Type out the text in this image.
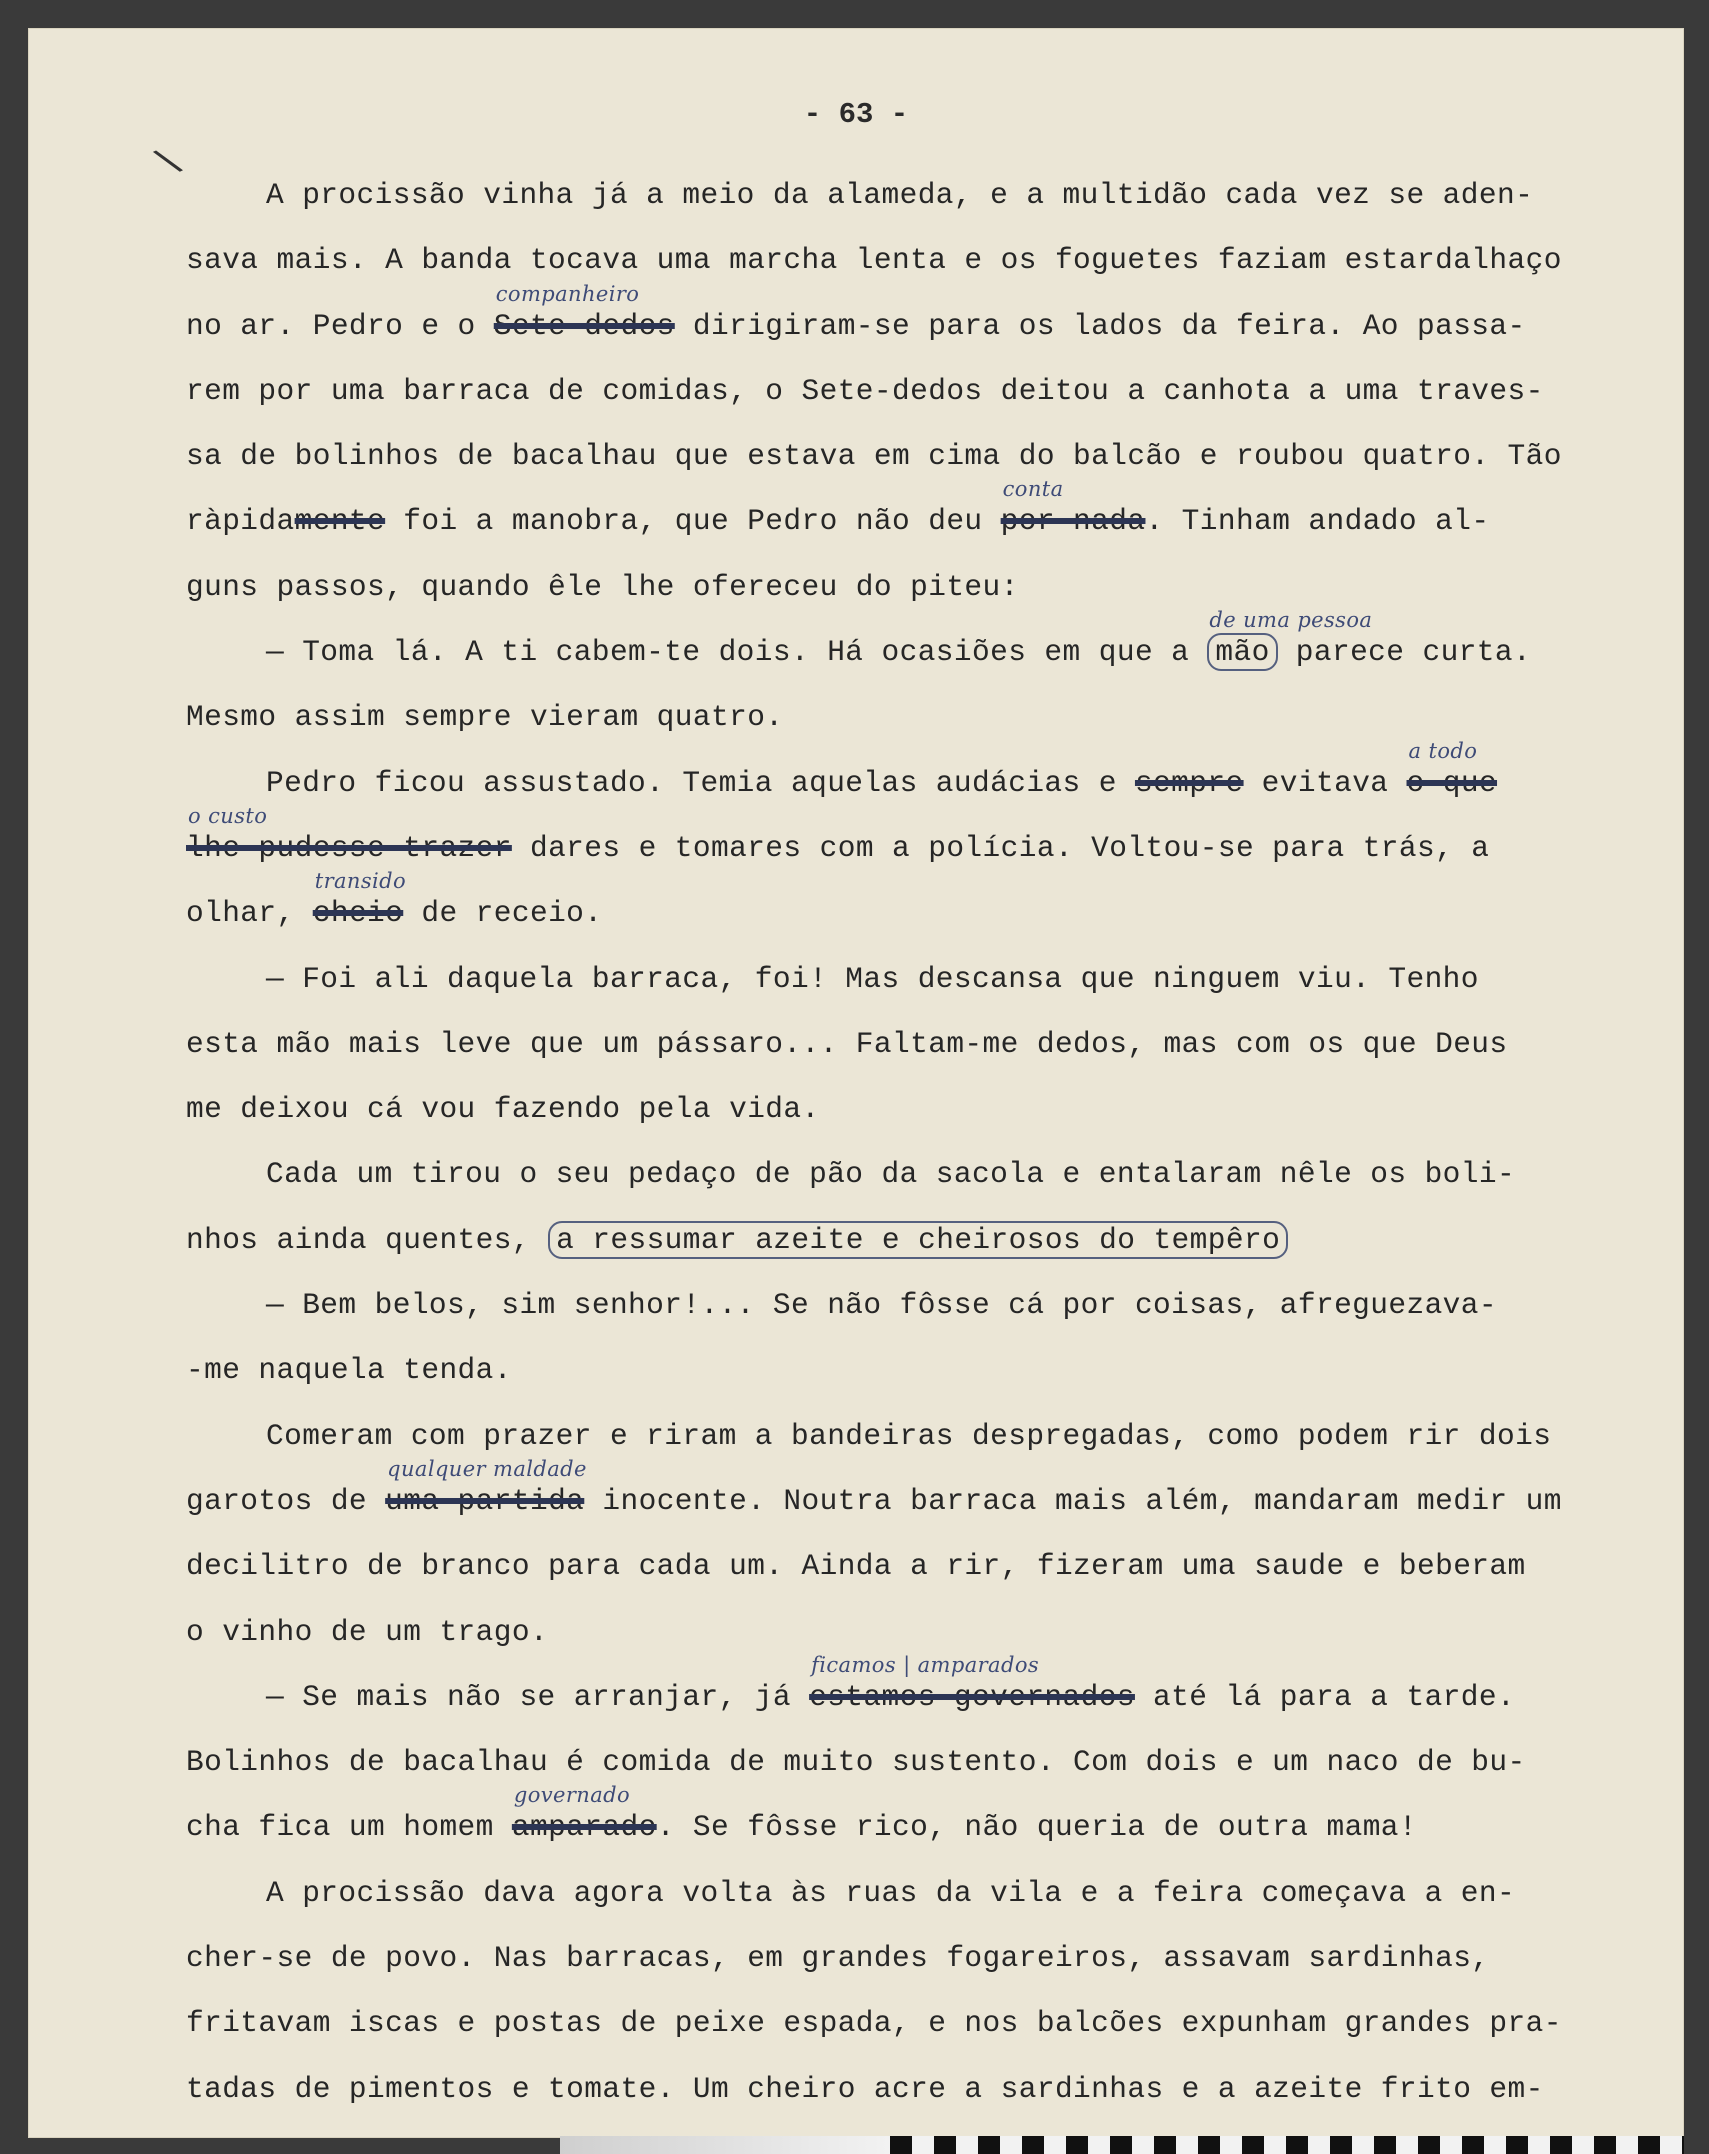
- 63 -
\
A procissão vinha já a meio da alameda, e a multidão cada vez se aden-
sava mais. A banda tocava uma marcha lenta e os foguetes faziam estardalhaço
no ar. Pedro e o Sete-dedos
companheiro
dirigiram-se para os lados da feira. Ao passa-
rem por uma barraca de comidas, o Sete-dedos deitou a canhota a uma traves-
sa de bolinhos de bacalhau que estava em cima do balcão e roubou quatro. Tão
ràpidamente foi a manobra, que Pedro não deu por nada
conta
. Tinham andado al-
guns passos, quando êle lhe ofereceu do piteu:
— Toma lá. A ti cabem-te dois. Há ocasiões em que a mão
de uma pessoa
parece curta.
Mesmo assim sempre vieram quatro.
Pedro ficou assustado. Temia aquelas audácias e sempre evitava o que
a todo
lhe pudesse trazer
o custo
dares e tomares com a polícia. Voltou-se para trás, a
olhar, cheio
transido
de receio.
— Foi ali daquela barraca, foi! Mas descansa que ninguem viu. Tenho
esta mão mais leve que um pássaro... Faltam-me dedos, mas com os que Deus
me deixou cá vou fazendo pela vida.
Cada um tirou o seu pedaço de pão da sacola e entalaram nêle os boli-
nhos ainda quentes, a ressumar azeite e cheirosos do tempêro
— Bem belos, sim senhor!... Se não fôsse cá por coisas, afreguezava-
-me naquela tenda.
Comeram com prazer e riram a bandeiras despregadas, como podem rir dois
garotos de uma partida
qualquer maldade
inocente. Noutra barraca mais além, mandaram medir um
decilitro de branco para cada um. Ainda a rir, fizeram uma saude e beberam
o vinho de um trago.
— Se mais não se arranjar, já estamos governados
ficamos | amparados
até lá para a tarde.
Bolinhos de bacalhau é comida de muito sustento. Com dois e um naco de bu-
cha fica um homem amparado
governado
. Se fôsse rico, não queria de outra mama!
A procissão dava agora volta às ruas da vila e a feira começava a en-
cher-se de povo. Nas barracas, em grandes fogareiros, assavam sardinhas,
fritavam iscas e postas de peixe espada, e nos balcões expunham grandes pra-
tadas de pimentos e tomate. Um cheiro acre a sardinhas e a azeite frito em-
